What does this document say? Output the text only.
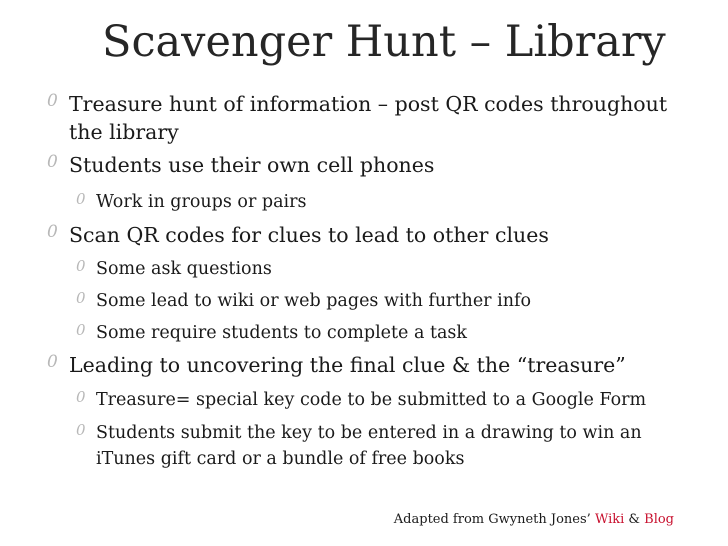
Scavenger Hunt – Library
0 Treasure hunt of information – post QR codes throughout
the library
0 Students use their own cell phones
0 Work in groups or pairs
0 Scan QR codes for clues to lead to other clues
0 Some ask questions
0 Some lead to wiki or web pages with further info
0 Some require students to complete a task
0 Leading to uncovering the final clue & the “treasure”
0 Treasure= special key code to be submitted to a Google Form
0 Students submit the key to be entered in a drawing to win an
iTunes gift card or a bundle of free books
Adapted from Gwyneth Jones’ Wiki & Blog
